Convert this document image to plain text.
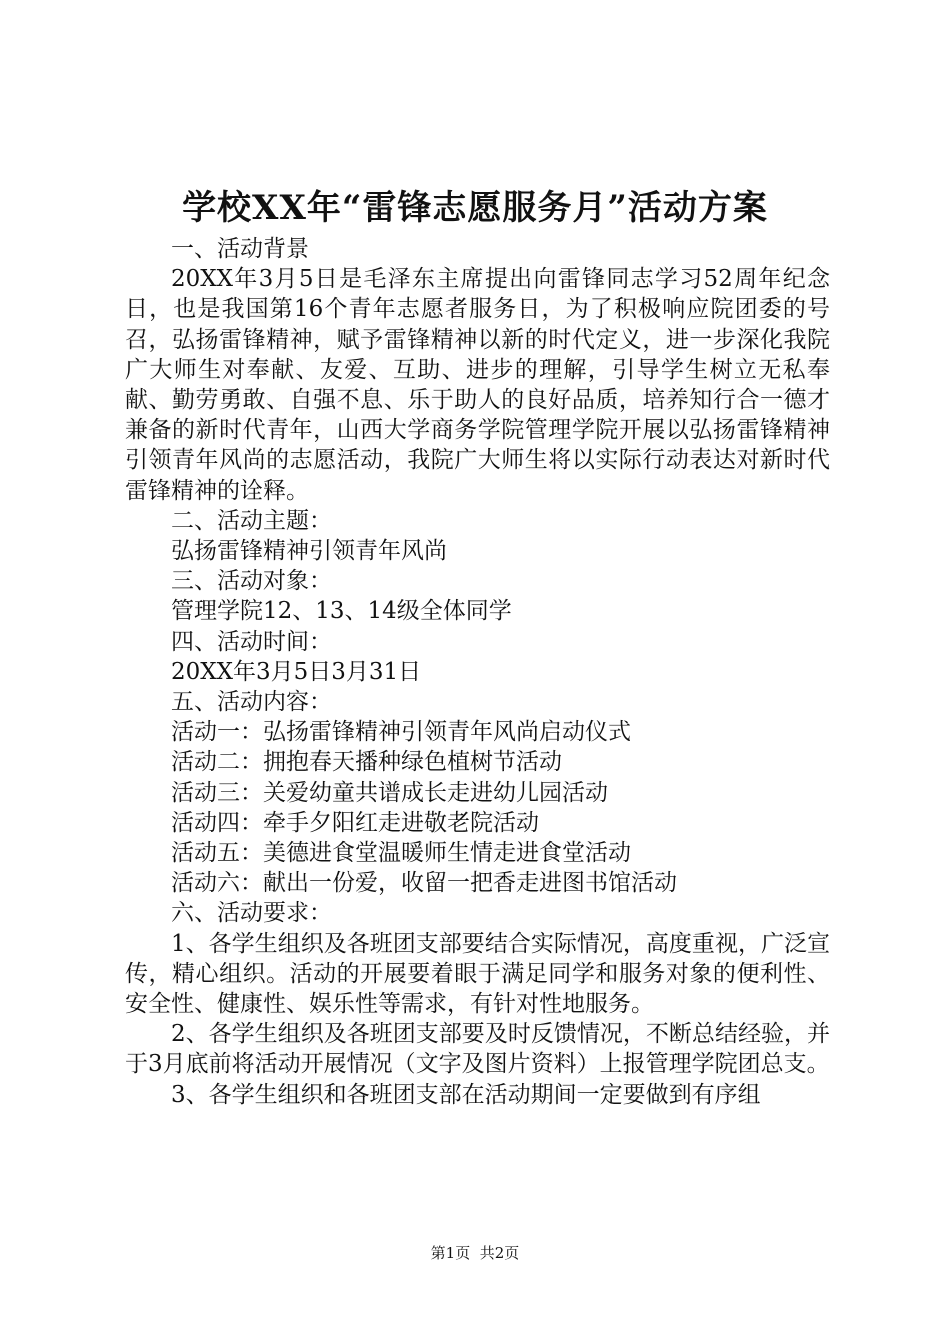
学校XX年“雷锋志愿服务月”活动方案

一、活动背景

20XX年3月5日是毛泽东主席提出向雷锋同志学习52周年纪念日，也是我国第16个青年志愿者服务日，为了积极响应院团委的号召，弘扬雷锋精神，赋予雷锋精神以新的时代定义，进一步深化我院广大师生对奉献、友爱、互助、进步的理解，引导学生树立无私奉献、勤劳勇敢、自强不息、乐于助人的良好品质，培养知行合一德才兼备的新时代青年，山西大学商务学院管理学院开展以弘扬雷锋精神引领青年风尚的志愿活动，我院广大师生将以实际行动表达对新时代雷锋精神的诠释。

二、活动主题：

弘扬雷锋精神引领青年风尚

三、活动对象：

管理学院12、13、14级全体同学

四、活动时间：

20XX年3月5日3月31日

五、活动内容：

活动一：弘扬雷锋精神引领青年风尚启动仪式

活动二：拥抱春天播种绿色植树节活动

活动三：关爱幼童共谱成长走进幼儿园活动

活动四：牵手夕阳红走进敬老院活动

活动五：美德进食堂温暖师生情走进食堂活动

活动六：献出一份爱，收留一把香走进图书馆活动

六、活动要求：

1、各学生组织及各班团支部要结合实际情况，高度重视，广泛宣传，精心组织。活动的开展要着眼于满足同学和服务对象的便利性、安全性、健康性、娱乐性等需求，有针对性地服务。

2、各学生组织及各班团支部要及时反馈情况，不断总结经验，并于3月底前将活动开展情况（文字及图片资料）上报管理学院团总支。

3、各学生组织和各班团支部在活动期间一定要做到有序组

第1页 共2页
